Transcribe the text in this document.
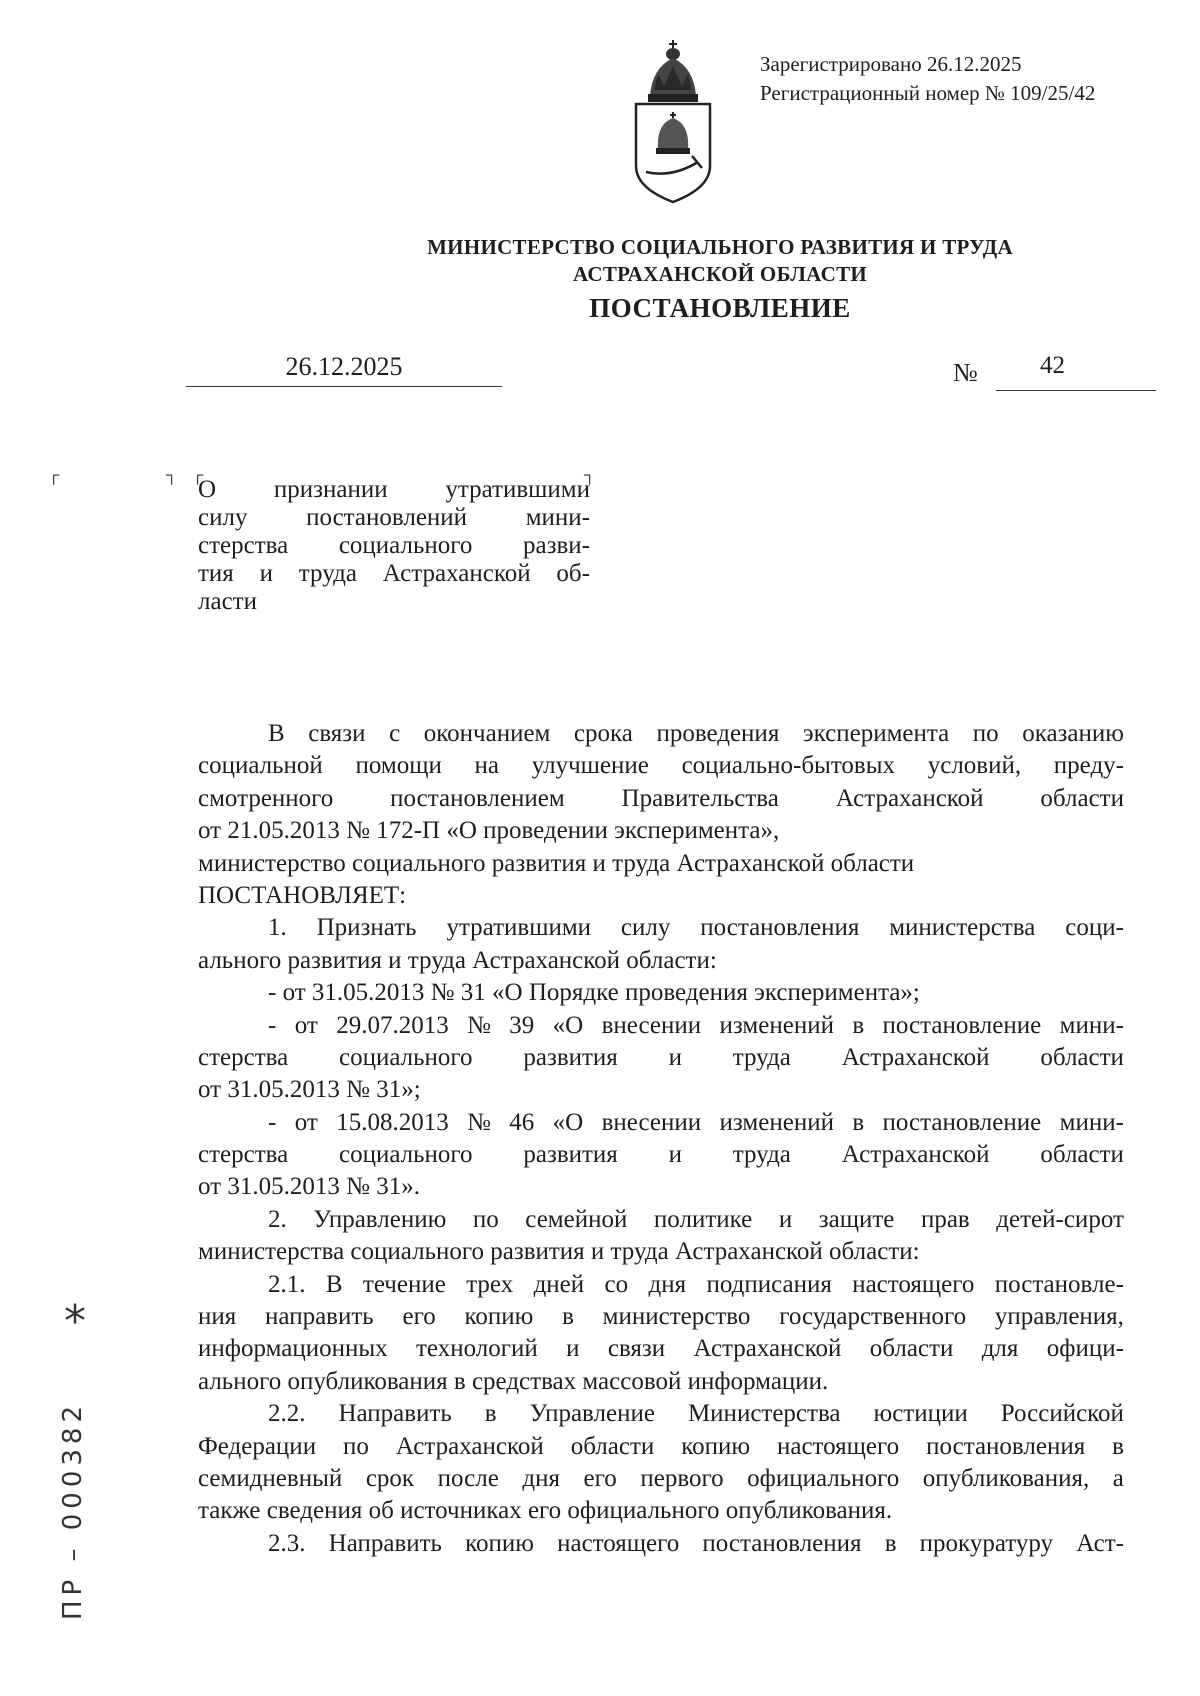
Зарегистрировано 26.12.2025
Регистрационный номер № 109/25/42
МИНИСТЕРСТВО СОЦИАЛЬНОГО РАЗВИТИЯ И ТРУДА
АСТРАХАНСКОЙ ОБЛАСТИ
ПОСТАНОВЛЕНИЕ
26.12.2025	№ 42
┌	┐ ┌	┐
О признании утратившими
силу постановлений мини-
стерства социального разви-
тия и труда Астраханской об-
ласти
В связи с окончанием срока проведения эксперимента по оказанию
социальной помощи на улучшение социально-бытовых условий, преду-
смотренного постановлением Правительства Астраханской области
от 21.05.2013 № 172-П «О проведении эксперимента»,
министерство социального развития и труда Астраханской области
ПОСТАНОВЛЯЕТ:
1. Признать утратившими силу постановления министерства соци-
ального развития и труда Астраханской области:
- от 31.05.2013 № 31 «О Порядке проведения эксперимента»;
- от 29.07.2013 № 39 «О внесении изменений в постановление мини-
стерства социального развития и труда Астраханской области
от 31.05.2013 № 31»;
- от 15.08.2013 № 46 «О внесении изменений в постановление мини-
стерства социального развития и труда Астраханской области
от 31.05.2013 № 31».
2. Управлению по семейной политике и защите прав детей-сирот
министерства социального развития и труда Астраханской области:
2.1. В течение трех дней со дня подписания настоящего постановле-
ния направить его копию в министерство государственного управления,
информационных технологий и связи Астраханской области для офици-
ального опубликования в средствах массовой информации.
2.2. Направить в Управление Министерства юстиции Российской
Федерации по Астраханской области копию настоящего постановления в
семидневный срок после дня его первого официального опубликования, а
также сведения об источниках его официального опубликования.
2.3. Направить копию настоящего постановления в прокуратуру Аст-
*
ПР – 000382
